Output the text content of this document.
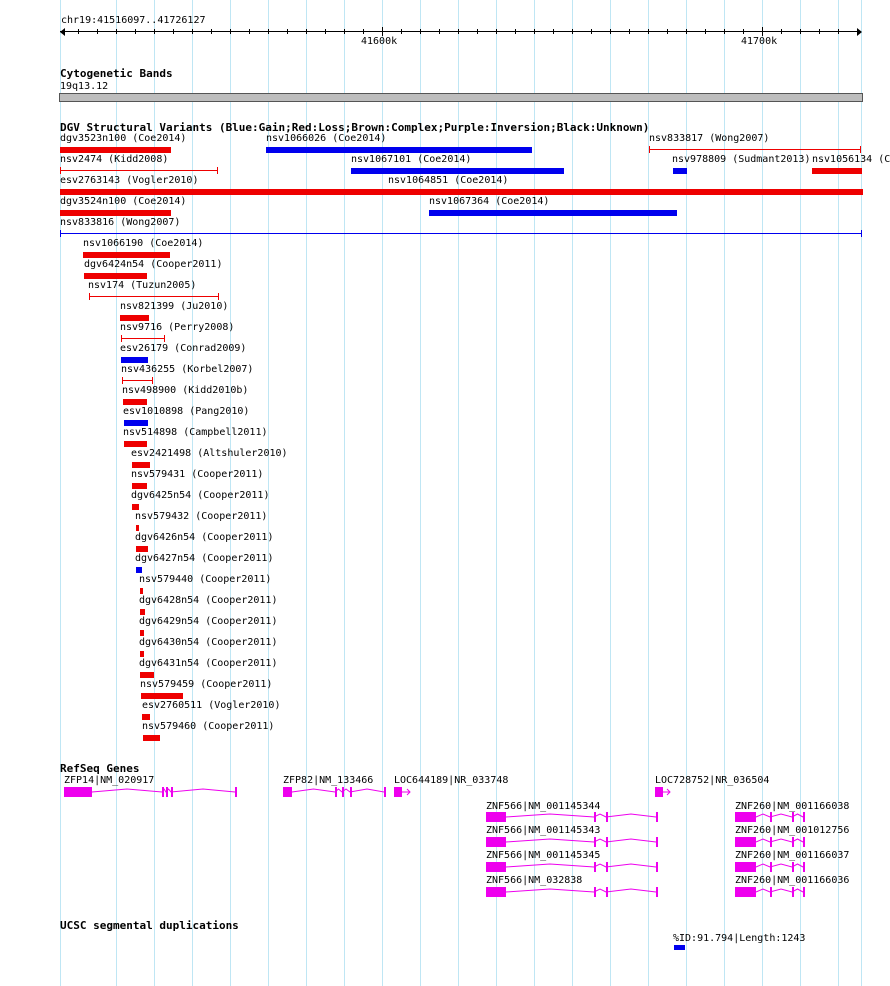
chr19:41516097..41726127
41600k	41700k
Cytogenetic Bands
19q13.12
DGV Structural Variants (Blue:Gain;Red:Loss;Brown:Complex;Purple:Inversion;Black:Unknown)
dgv3523n100 (Coe2014)	nsv1066026 (Coe2014)	nsv833817 (Wong2007)
nsv2474 (Kidd2008)	nsv1067101 (Coe2014)	nsv978809 (Sudmant2013) nsv1056134 (C
esv2763143 (Vogler2010)	nsv1064851 (Coe2014)
dgv3524n100 (Coe2014)	nsv1067364 (Coe2014)
nsv833816 (Wong2007)
nsv1066190 (Coe2014)
dgv6424n54 (Cooper2011)
nsv174 (Tuzun2005)
nsv821399 (Ju2010)
nsv9716 (Perry2008)
esv26179 (Conrad2009)
nsv436255 (Korbel2007)
nsv498900 (Kidd2010b)
esv1010898 (Pang2010)
nsv514898 (Campbell2011)
esv2421498 (Altshuler2010)
nsv579431 (Cooper2011)
dgv6425n54 (Cooper2011)
nsv579432 (Cooper2011)
dgv6426n54 (Cooper2011)
dgv6427n54 (Cooper2011)
nsv579440 (Cooper2011)
dgv6428n54 (Cooper2011)
dgv6429n54 (Cooper2011)
dgv6430n54 (Cooper2011)
dgv6431n54 (Cooper2011)
nsv579459 (Cooper2011)
esv2760511 (Vogler2010)
nsv579460 (Cooper2011)
RefSeq Genes
ZFP14|NM_020917	ZFP82|NM_133466 LOC644189|NR_033748	LOC728752|NR_036504
ZNF566|NM_001145344
ZNF566|NM_001145343
ZNF566|NM_001145345
ZNF566|NM_032838
ZNF260|NM_001166038
ZNF260|NM_001012756
ZNF260|NM_001166037
ZNF260|NM_001166036
UCSC segmental duplications
%ID:91.794|Length:1243
